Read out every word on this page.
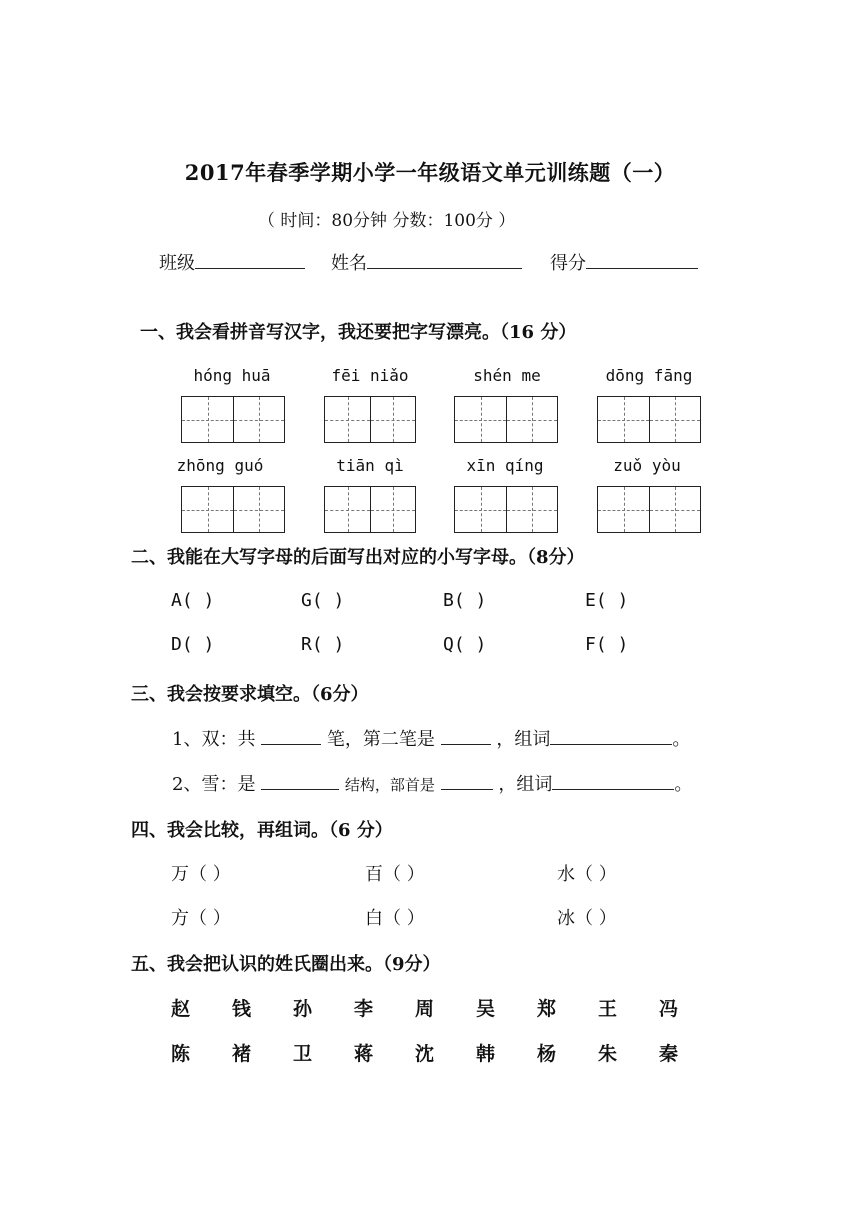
2017年春季学期小学一年级语文单元训练题（一）
（ 时间：80分钟 分数：100分 ）
班级	姓名	得分
一、我会看拼音写汉字，我还要把字写漂亮。（16 分）
hóng huā	fēi niǎo	shén me	dōng fāng
zhōng guó	tiān qì	xīn qíng	zuǒ yòu
二、我能在大写字母的后面写出对应的小写字母。（8分）
A( )	G( )	B( )	E( )
D( )	R( )	Q( )	F( )
三、我会按要求填空。（6分）
1、双：共	笔，第二笔是	，组词	。
2、雪：是	结构，部首是	，组词	。
四、我会比较，再组词。（6 分）
万（ ）	百（ ）	水（ ）
方（ ）	白（ ）	冰（ ）
五、我会把认识的姓氏圈出来。（9分）
赵 钱 孙 李 周 吴 郑 王 冯
陈 褚 卫 蒋 沈 韩 杨 朱 秦
